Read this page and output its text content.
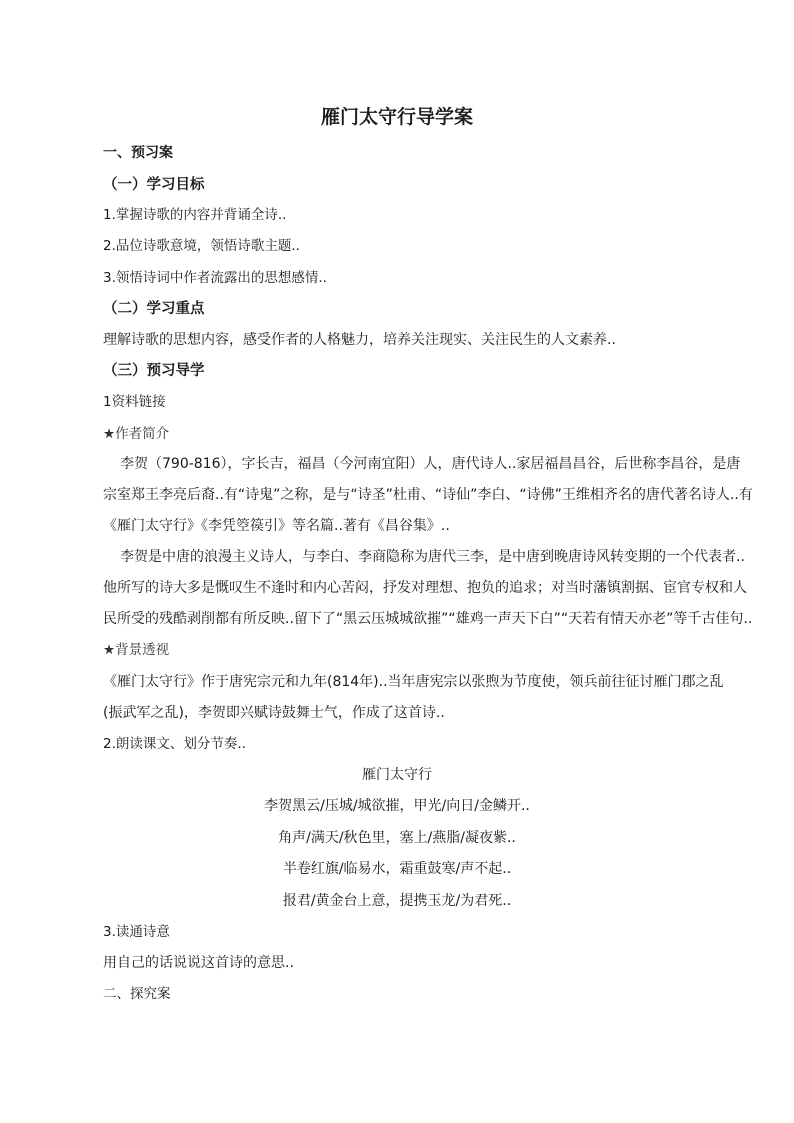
雁门太守行导学案
一、预习案
（一）学习目标
1.掌握诗歌的内容并背诵全诗..
2.品位诗歌意境，领悟诗歌主题..
3.领悟诗词中作者流露出的思想感情..
（二）学习重点
理解诗歌的思想内容，感受作者的人格魅力，培养关注现实、关注民生的人文素养..
（三）预习导学
1资料链接
★作者简介
李贺（790-816），字长吉，福昌（今河南宜阳）人，唐代诗人..家居福昌昌谷，后世称李昌谷，是唐
宗室郑王李亮后裔..有“诗鬼”之称，是与“诗圣”杜甫、“诗仙”李白、“诗佛”王维相齐名的唐代著名诗人..有
《雁门太守行》《李凭箜篌引》等名篇..著有《昌谷集》..
李贺是中唐的浪漫主义诗人，与李白、李商隐称为唐代三李，是中唐到晚唐诗风转变期的一个代表者..
他所写的诗大多是慨叹生不逢时和内心苦闷，抒发对理想、抱负的追求；对当时藩镇割据、宦官专权和人
民所受的残酷剥削都有所反映..留下了“黑云压城城欲摧”“雄鸡一声天下白”“天若有情天亦老”等千古佳句..
★背景透视
《雁门太守行》作于唐宪宗元和九年(814年)..当年唐宪宗以张煦为节度使，领兵前往征讨雁门郡之乱
(振武军之乱)，李贺即兴赋诗鼓舞士气，作成了这首诗..
2.朗读课文、划分节奏..
雁门太守行
李贺黑云/压城/城欲摧，甲光/向日/金鳞开..
角声/满天/秋色里，塞上/燕脂/凝夜紫..
半卷红旗/临易水，霜重鼓寒/声不起..
报君/黄金台上意，提携玉龙/为君死..
3.读通诗意
用自己的话说说这首诗的意思..
二、探究案
